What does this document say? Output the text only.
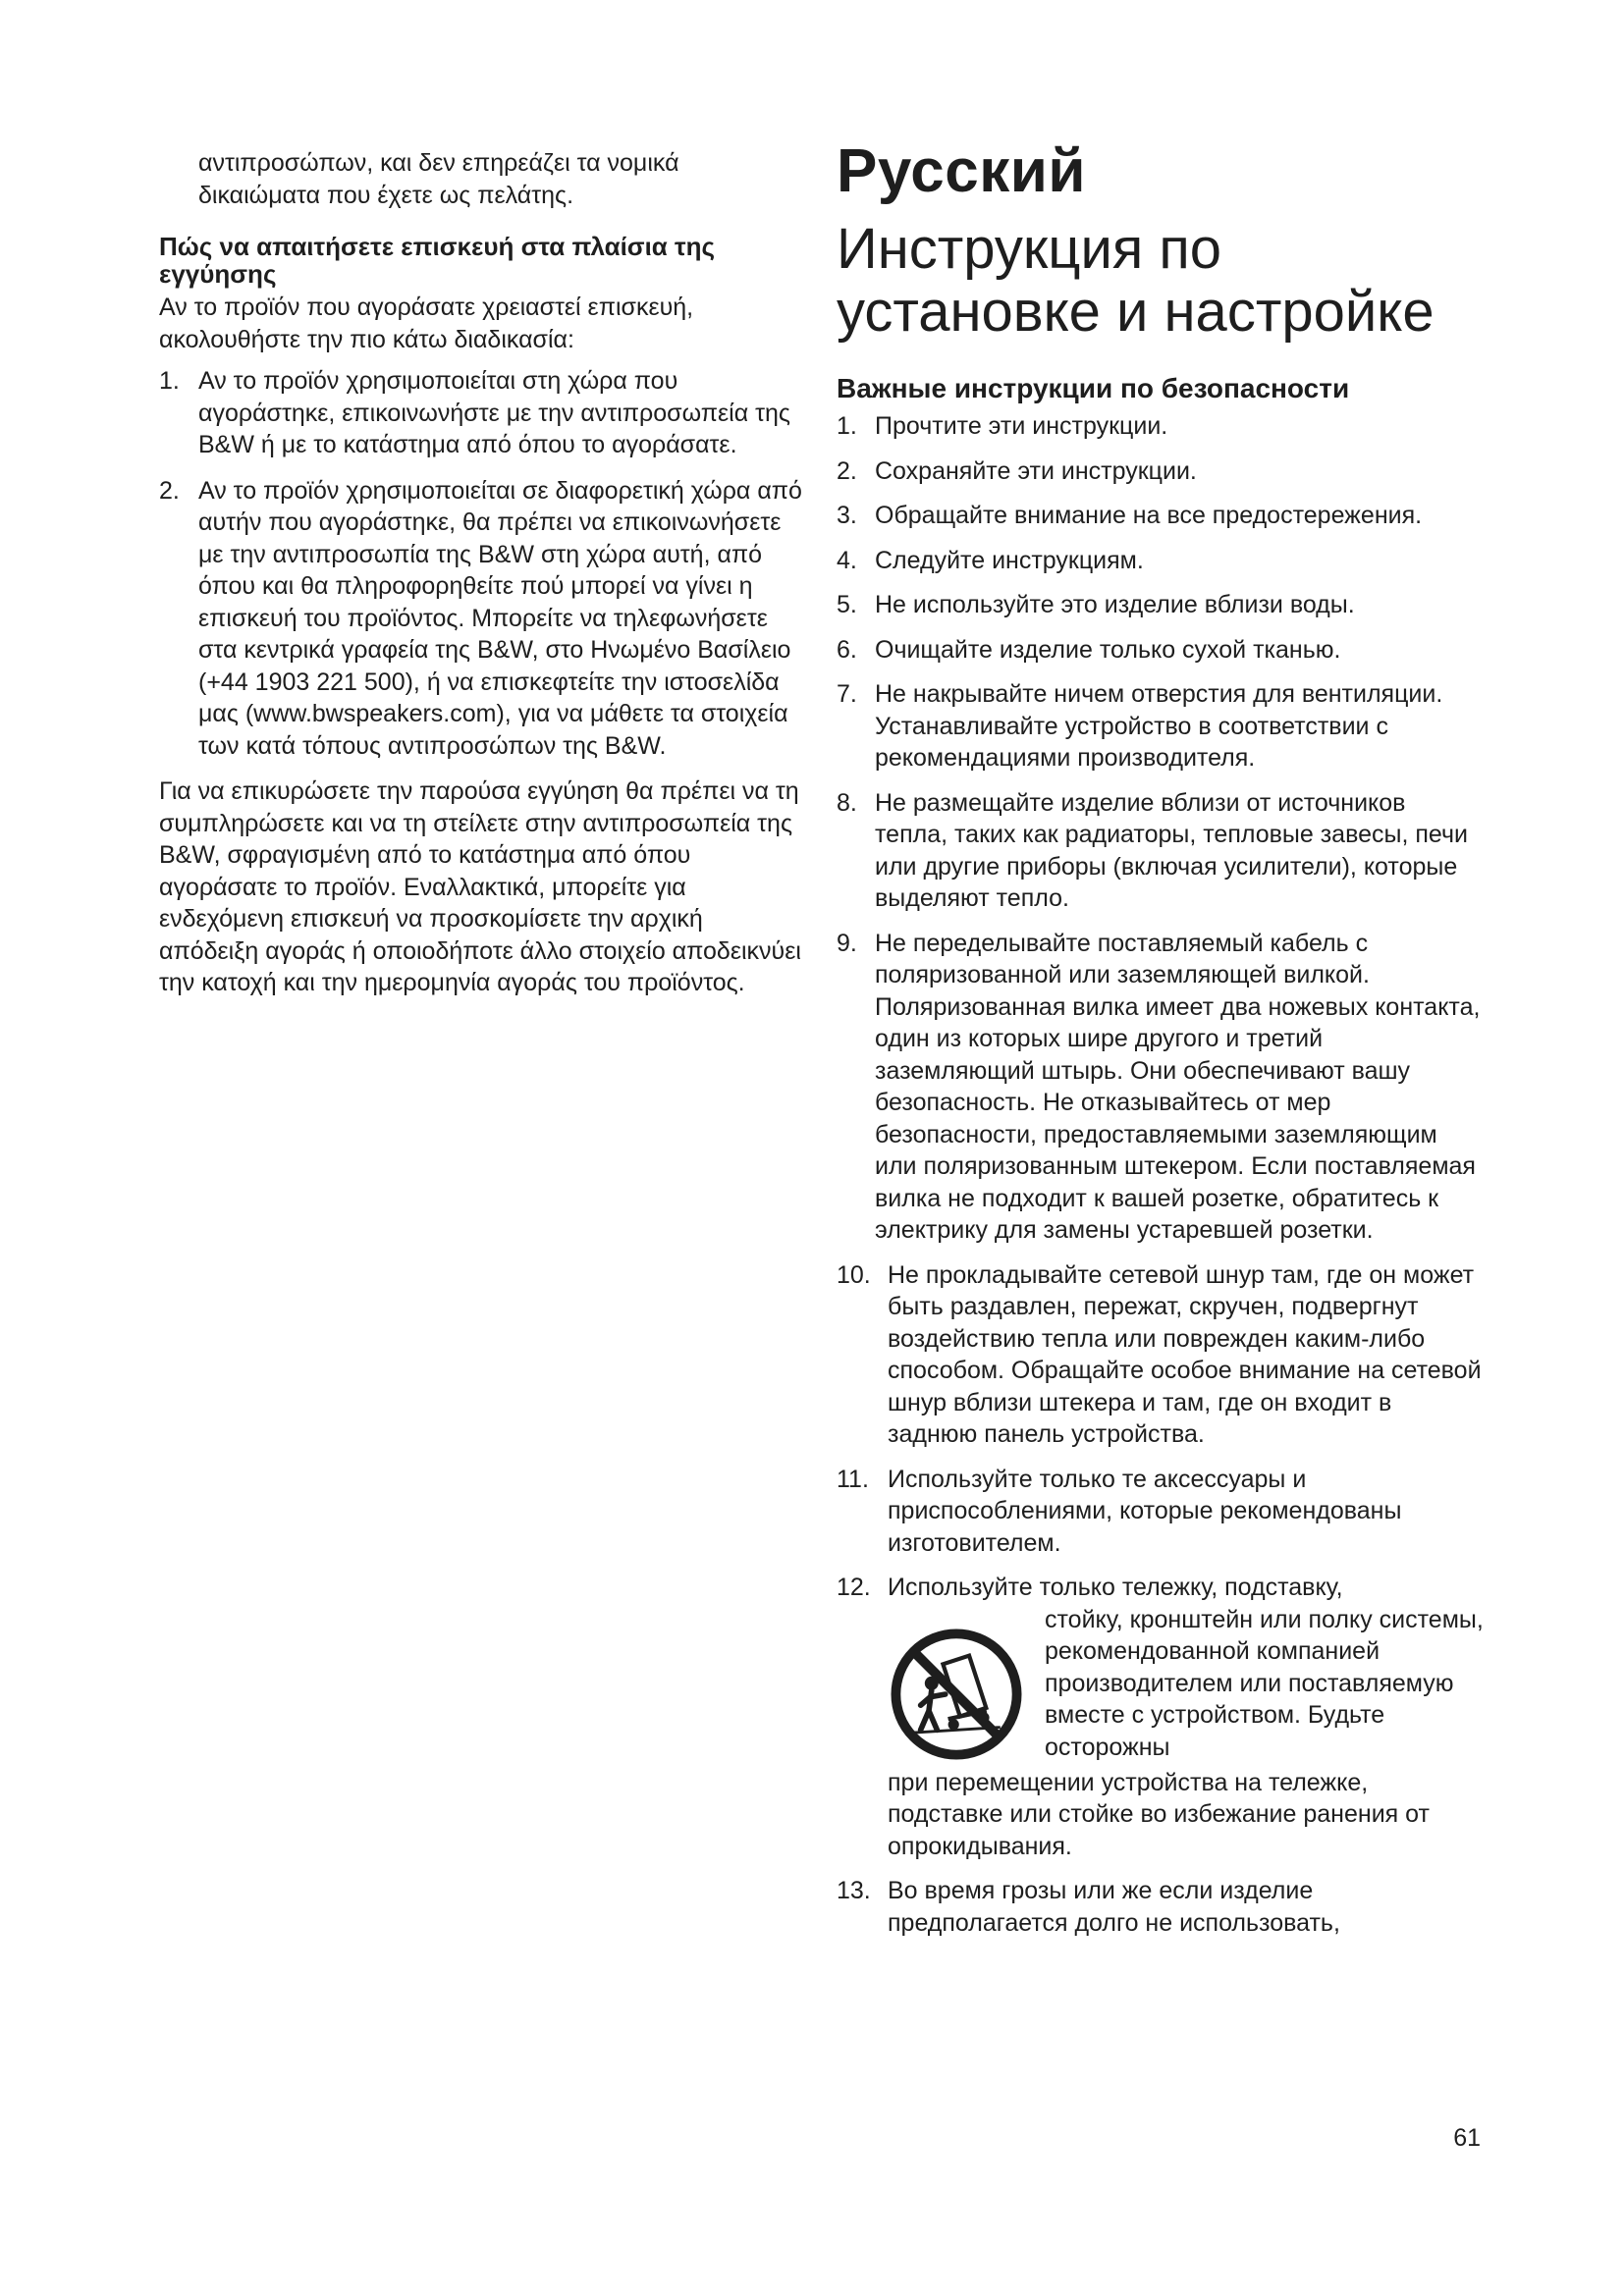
αντιπροσώπων, και δεν επηρεάζει τα νομικά δικαιώματα που έχετε ως πελάτης.

Πώς να απαιτήσετε επισκευή στα πλαίσια της εγγύησης

Αν το προϊόν που αγοράσατε χρειαστεί επισκευή, ακολουθήστε την πιο κάτω διαδικασία:

1. Αν το προϊόν χρησιμοποιείται στη χώρα που αγοράστηκε, επικοινωνήστε με την αντιπροσωπεία της B&W ή με το κατάστημα από όπου το αγοράσατε.
2. Αν το προϊόν χρησιμοποιείται σε διαφορετική χώρα από αυτήν που αγοράστηκε, θα πρέπει να επικοινωνήσετε με την αντιπροσωπία της B&W στη χώρα αυτή, από όπου και θα πληροφορηθείτε πού μπορεί να γίνει η επισκευή του προϊόντος. Μπορείτε να τηλεφωνήσετε στα κεντρικά γραφεία της B&W, στο Ηνωμένο Βασίλειο (+44 1903 221 500), ή να επισκεφτείτε την ιστοσελίδα μας (www.bwspeakers.com), για να μάθετε τα στοιχεία των κατά τόπους αντιπροσώπων της B&W.

Για να επικυρώσετε την παρούσα εγγύηση θα πρέπει να τη συμπληρώσετε και να τη στείλετε στην αντιπροσωπεία της B&W, σφραγισμένη από το κατάστημα από όπου αγοράσατε το προϊόν. Εναλλακτικά, μπορείτε για ενδεχόμενη επισκευή να προσκομίσετε την αρχική απόδειξη αγοράς ή οποιοδήποτε άλλο στοιχείο αποδεικνύει την κατοχή και την ημερομηνία αγοράς του προϊόντος.

Русский
Инструкция по установке и настройке
Важные инструкции по безопасности
1. Прочтите эти инструкции.
2. Сохраняйте эти инструкции.
3. Обращайте внимание на все предостережения.
4. Следуйте инструкциям.
5. Не используйте это изделие вблизи воды.
6. Очищайте изделие только сухой тканью.
7. Не накрывайте ничем отверстия для вентиляции. Устанавливайте устройство в соответствии с рекомендациями производителя.
8. Не размещайте изделие вблизи от источников тепла, таких как радиаторы, тепловые завесы, печи или другие приборы (включая усилители), которые выделяют тепло.
9. Не переделывайте поставляемый кабель с поляризованной или заземляющей вилкой. Поляризованная вилка имеет два ножевых контакта, один из которых шире другого и третий заземляющий штырь. Они обеспечивают вашу безопасность. Не отказывайтесь от мер безопасности, предоставляемыми заземляющим или поляризованным штекером. Если поставляемая вилка не подходит к вашей розетке, обратитесь к электрику для замены устаревшей розетки.
10. Не прокладывайте сетевой шнур там, где он может быть раздавлен, пережат, скручен, подвергнут воздействию тепла или поврежден каким-либо способом. Обращайте особое внимание на сетевой шнур вблизи штекера и там, где он входит в заднюю панель устройства.
11. Используйте только те аксессуары и приспособлениями, которые рекомендованы изготовителем.
12. Используйте только тележку, подставку,
стойку, кронштейн или полку системы, рекомендованной компанией производителем или поставляемую вместе с устройством. Будьте осторожны
при перемещении устройства на тележке, подставке или стойке во избежание ранения от опрокидывания.
13. Во время грозы или же если изделие предполагается долго не использовать,
61
